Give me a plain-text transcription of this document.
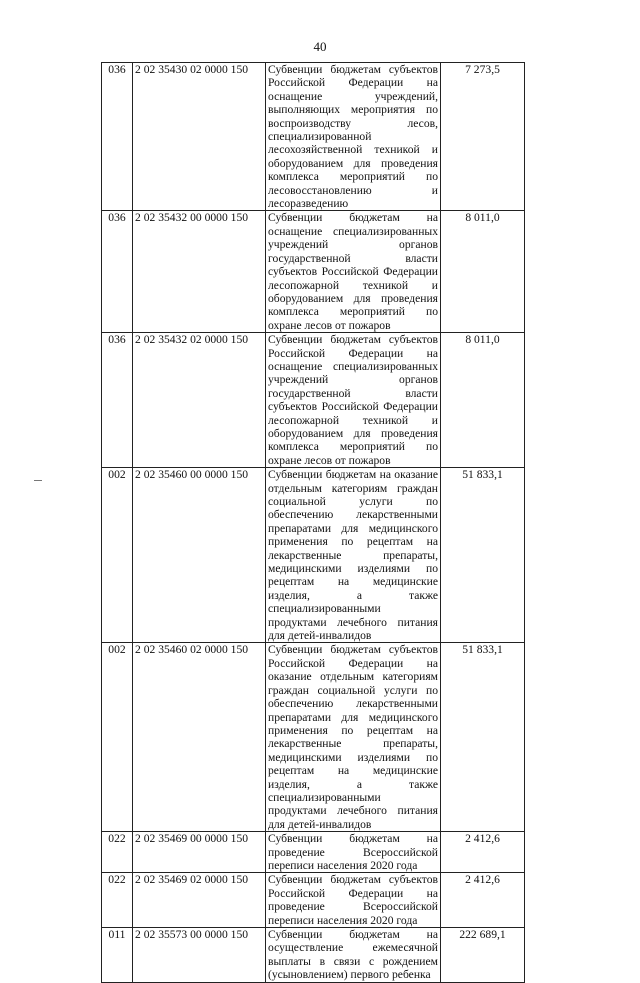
40
036	2 02 35430 02 0000 150	Субвенции бюджетам субъектов Российской Федерации на оснащение учреждений, выполняющих мероприятия по воспроизводству лесов, специализированной лесохозяйственной техникой и оборудованием для проведения комплекса мероприятий по лесовосстановлению и лесоразведению	7 273,5
036	2 02 35432 00 0000 150	Субвенции бюджетам на оснащение специализированных учреждений органов государственной власти субъектов Российской Федерации лесопожарной техникой и оборудованием для проведения комплекса мероприятий по охране лесов от пожаров	8 011,0
036	2 02 35432 02 0000 150	Субвенции бюджетам субъектов Российской Федерации на оснащение специализированных учреждений органов государственной власти субъектов Российской Федерации лесопожарной техникой и оборудованием для проведения комплекса мероприятий по охране лесов от пожаров	8 011,0
002	2 02 35460 00 0000 150	Субвенции бюджетам на оказание отдельным категориям граждан социальной услуги по обеспечению лекарственными препаратами для медицинского применения по рецептам на лекарственные препараты, медицинскими изделиями по рецептам на медицинские изделия, а также специализированными продуктами лечебного питания для детей-инвалидов	51 833,1
002	2 02 35460 02 0000 150	Субвенции бюджетам субъектов Российской Федерации на оказание отдельным категориям граждан социальной услуги по обеспечению лекарственными препаратами для медицинского применения по рецептам на лекарственные препараты, медицинскими изделиями по рецептам на медицинские изделия, а также специализированными продуктами лечебного питания для детей-инвалидов	51 833,1
022	2 02 35469 00 0000 150	Субвенции бюджетам на проведение Всероссийской переписи населения 2020 года	2 412,6
022	2 02 35469 02 0000 150	Субвенции бюджетам субъектов Российской Федерации на проведение Всероссийской переписи населения 2020 года	2 412,6
011	2 02 35573 00 0000 150	Субвенции бюджетам на осуществление ежемесячной выплаты в связи с рождением (усыновлением) первого ребенка	222 689,1
